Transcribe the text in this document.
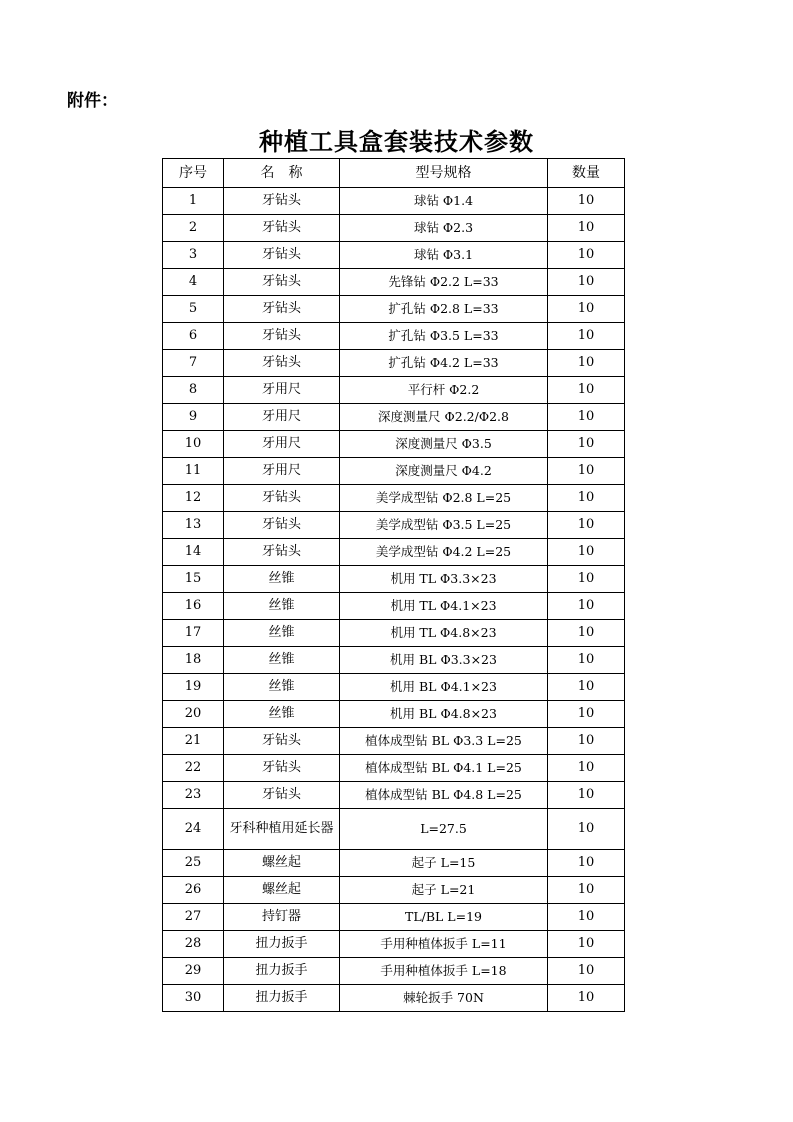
附件：
种植工具盒套装技术参数
序号	名　称	型号规格	数量
1	牙钻头	球钻 Φ1.4	10
2	牙钻头	球钻 Φ2.3	10
3	牙钻头	球钻 Φ3.1	10
4	牙钻头	先锋钻 Φ2.2 L=33	10
5	牙钻头	扩孔钻 Φ2.8 L=33	10
6	牙钻头	扩孔钻 Φ3.5 L=33	10
7	牙钻头	扩孔钻 Φ4.2 L=33	10
8	牙用尺	平行杆 Φ2.2	10
9	牙用尺	深度测量尺 Φ2.2/Φ2.8	10
10	牙用尺	深度测量尺 Φ3.5	10
11	牙用尺	深度测量尺 Φ4.2	10
12	牙钻头	美学成型钻 Φ2.8 L=25	10
13	牙钻头	美学成型钻 Φ3.5 L=25	10
14	牙钻头	美学成型钻 Φ4.2 L=25	10
15	丝锥	机用 TL Φ3.3×23	10
16	丝锥	机用 TL Φ4.1×23	10
17	丝锥	机用 TL Φ4.8×23	10
18	丝锥	机用 BL Φ3.3×23	10
19	丝锥	机用 BL Φ4.1×23	10
20	丝锥	机用 BL Φ4.8×23	10
21	牙钻头	植体成型钻 BL Φ3.3 L=25	10
22	牙钻头	植体成型钻 BL Φ4.1 L=25	10
23	牙钻头	植体成型钻 BL Φ4.8 L=25	10
24	牙科种植用延长器	L=27.5	10
25	螺丝起	起子 L=15	10
26	螺丝起	起子 L=21	10
27	持钉器	TL/BL L=19	10
28	扭力扳手	手用种植体扳手 L=11	10
29	扭力扳手	手用种植体扳手 L=18	10
30	扭力扳手	棘轮扳手 70N	10
